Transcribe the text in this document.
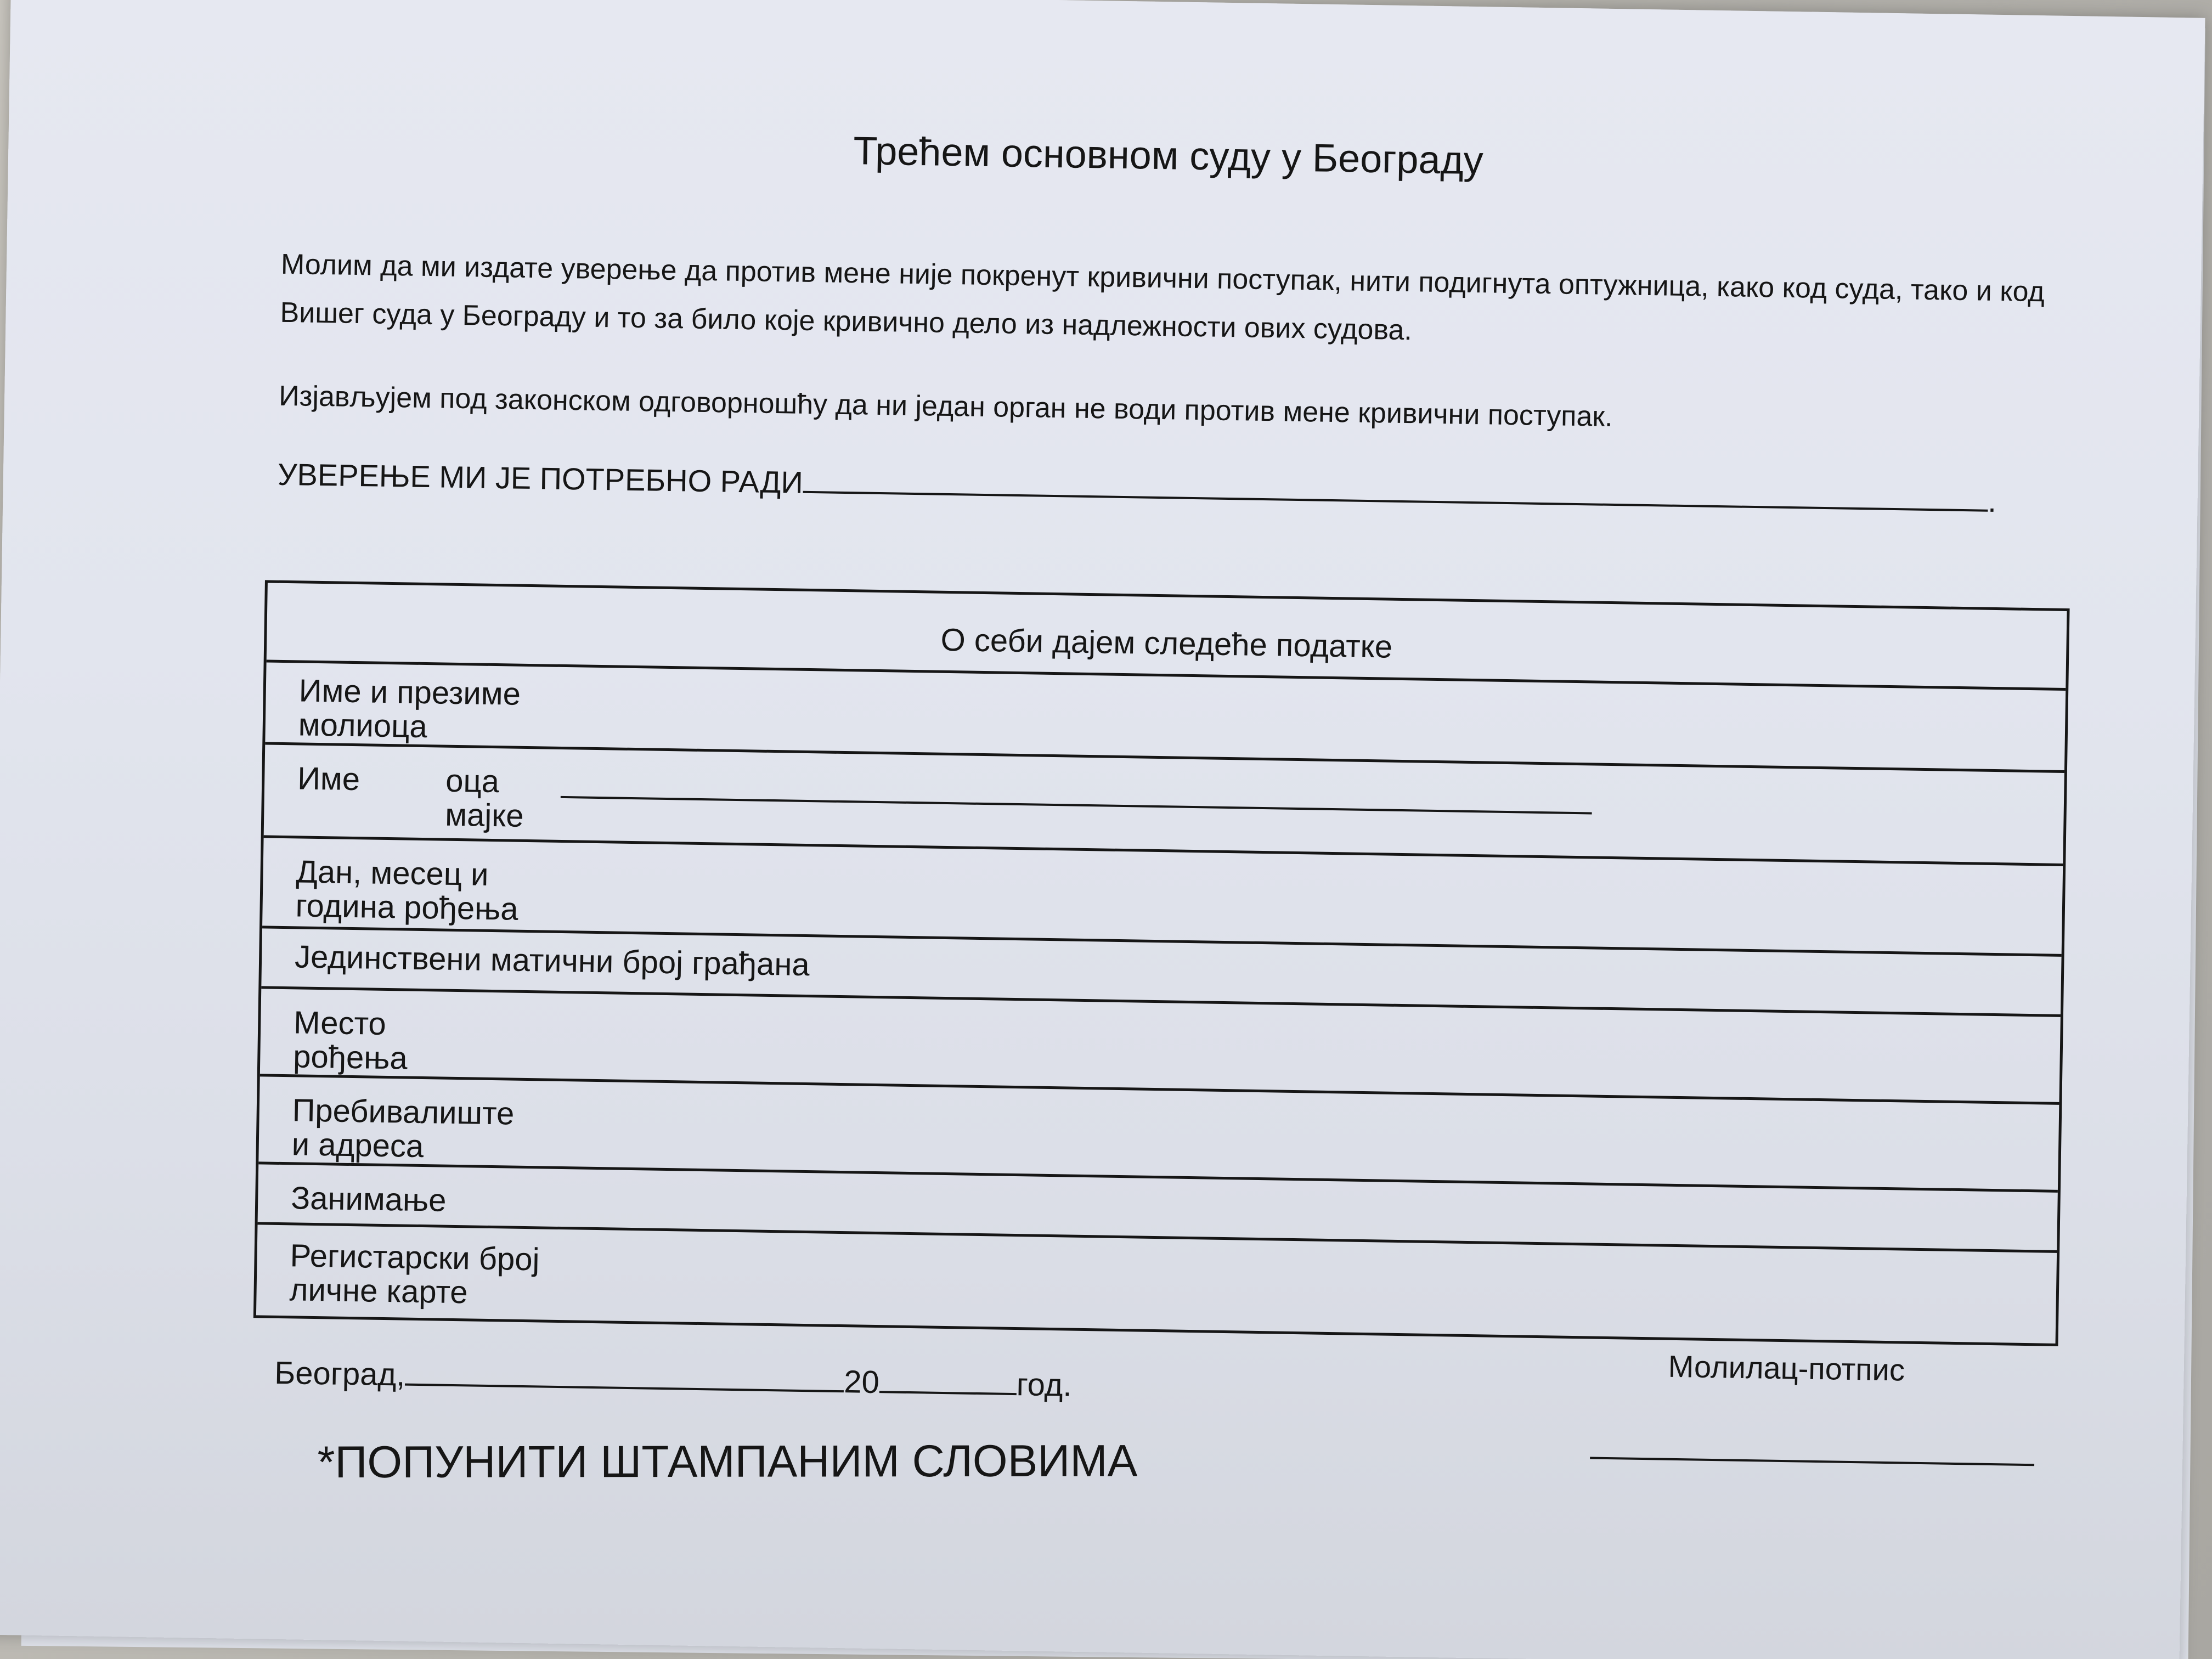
Трећем основном суду у Београду
Молим да ми издате уверење да против мене није покренут кривични поступак, нити подигнута оптужница, како код суда, тако и код Вишег суда у Београду и то за било које кривично дело из надлежности ових судова.
Изјављујем под законском одговорношћу да ни један орган не води против мене кривични поступак.
УВЕРЕЊЕ МИ ЈЕ ПОТРЕБНО РАДИ.
О себи дајем следеће податке
Име и презиме
молиоца
Име	оца
мајке
Дан, месец и
година рођења
Јединствени матични број грађана
Место
рођења
Пребивалиште
и адреса
Занимање
Регистарски број
личне карте
Београд,	20	год.	Молилац-потпис
*ПОПУНИТИ ШТАМПАНИМ СЛОВИМА
